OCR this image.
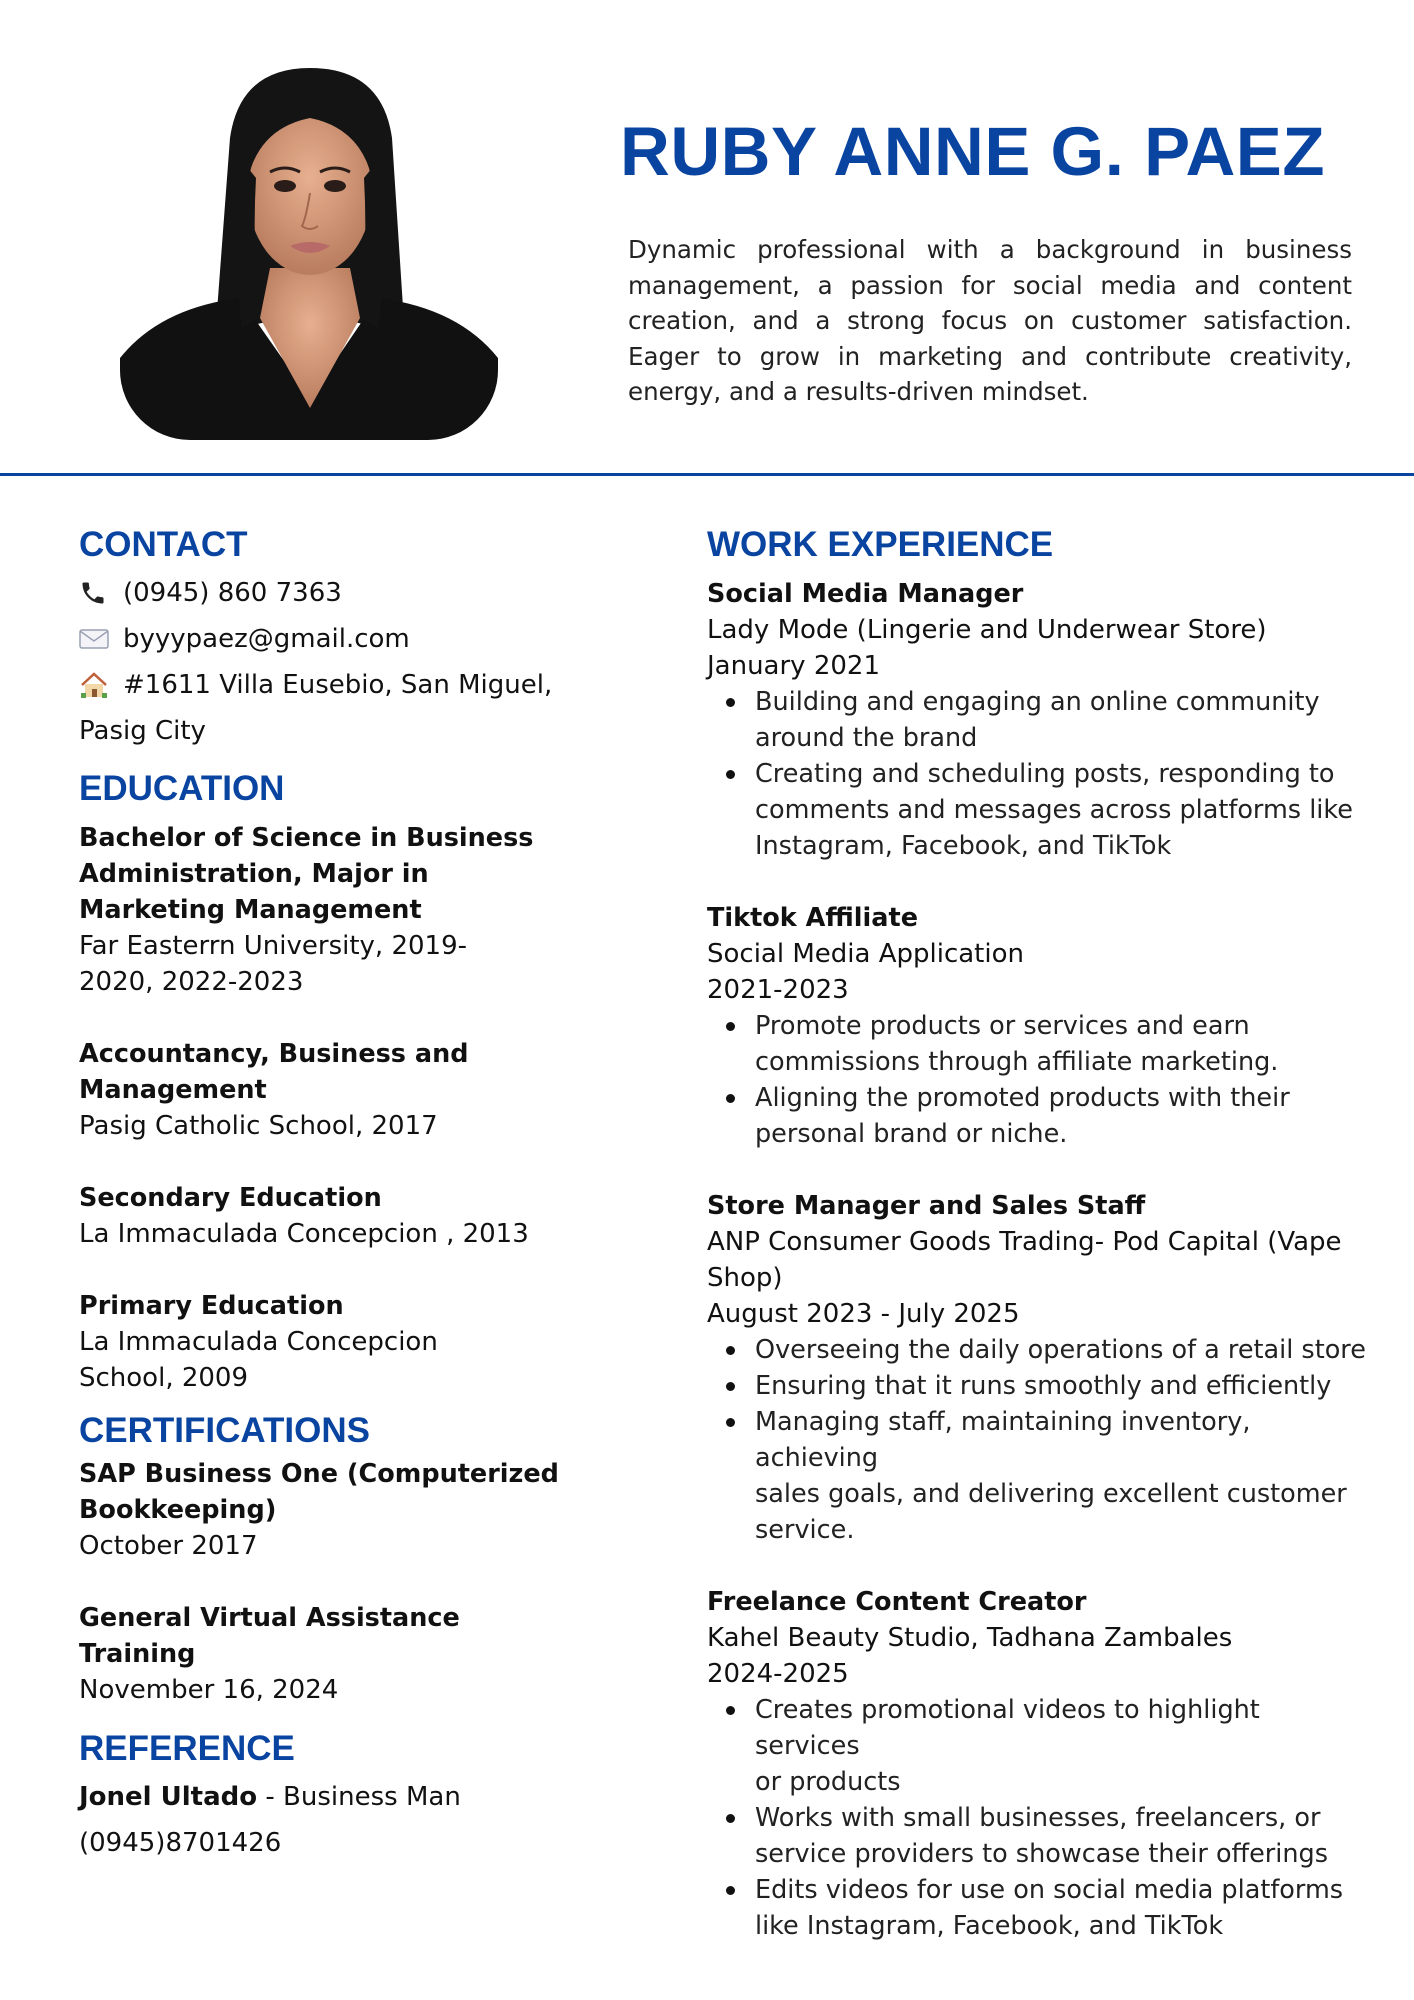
RUBY ANNE G. PAEZ

Dynamic professional with a background in business management, a passion for social media and content creation, and a strong focus on customer satisfaction. Eager to grow in marketing and contribute creativity, energy, and a results-driven mindset.

CONTACT

(0945) 860 7363

byyypaez@gmail.com

#1611 Villa Eusebio, San Miguel,

Pasig City

EDUCATION

Bachelor of Science in Business

Administration, Major in

Marketing Management

Far Easterrn University, 2019-

2020, 2022-2023

Accountancy, Business and

Management

Pasig Catholic School, 2017

Secondary Education

La Immaculada Concepcion , 2013

Primary Education

La Immaculada Concepcion

School, 2009

CERTIFICATIONS

SAP Business One (Computerized

Bookkeeping)

October 2017

General Virtual Assistance

Training

November 16, 2024

REFERENCE

Jonel Ultado - Business Man

(0945)8701426

WORK EXPERIENCE

Social Media Manager

Lady Mode (Lingerie and Underwear Store)

January 2021

Building and engaging an online community
around the brand
Creating and scheduling posts, responding to
comments and messages across platforms like
Instagram, Facebook, and TikTok

Tiktok Affiliate

Social Media Application

2021-2023

Promote products or services and earn
commissions through affiliate marketing.
Aligning the promoted products with their
personal brand or niche.

Store Manager and Sales Staff

ANP Consumer Goods Trading- Pod Capital (Vape

Shop)

August 2023 - July 2025

Overseeing the daily operations of a retail store
Ensuring that it runs smoothly and efficiently
Managing staff, maintaining inventory, achieving
sales goals, and delivering excellent customer
service.

Freelance Content Creator

Kahel Beauty Studio, Tadhana Zambales

2024-2025

Creates promotional videos to highlight services
or products
Works with small businesses, freelancers, or
service providers to showcase their offerings
Edits videos for use on social media platforms
like Instagram, Facebook, and TikTok
